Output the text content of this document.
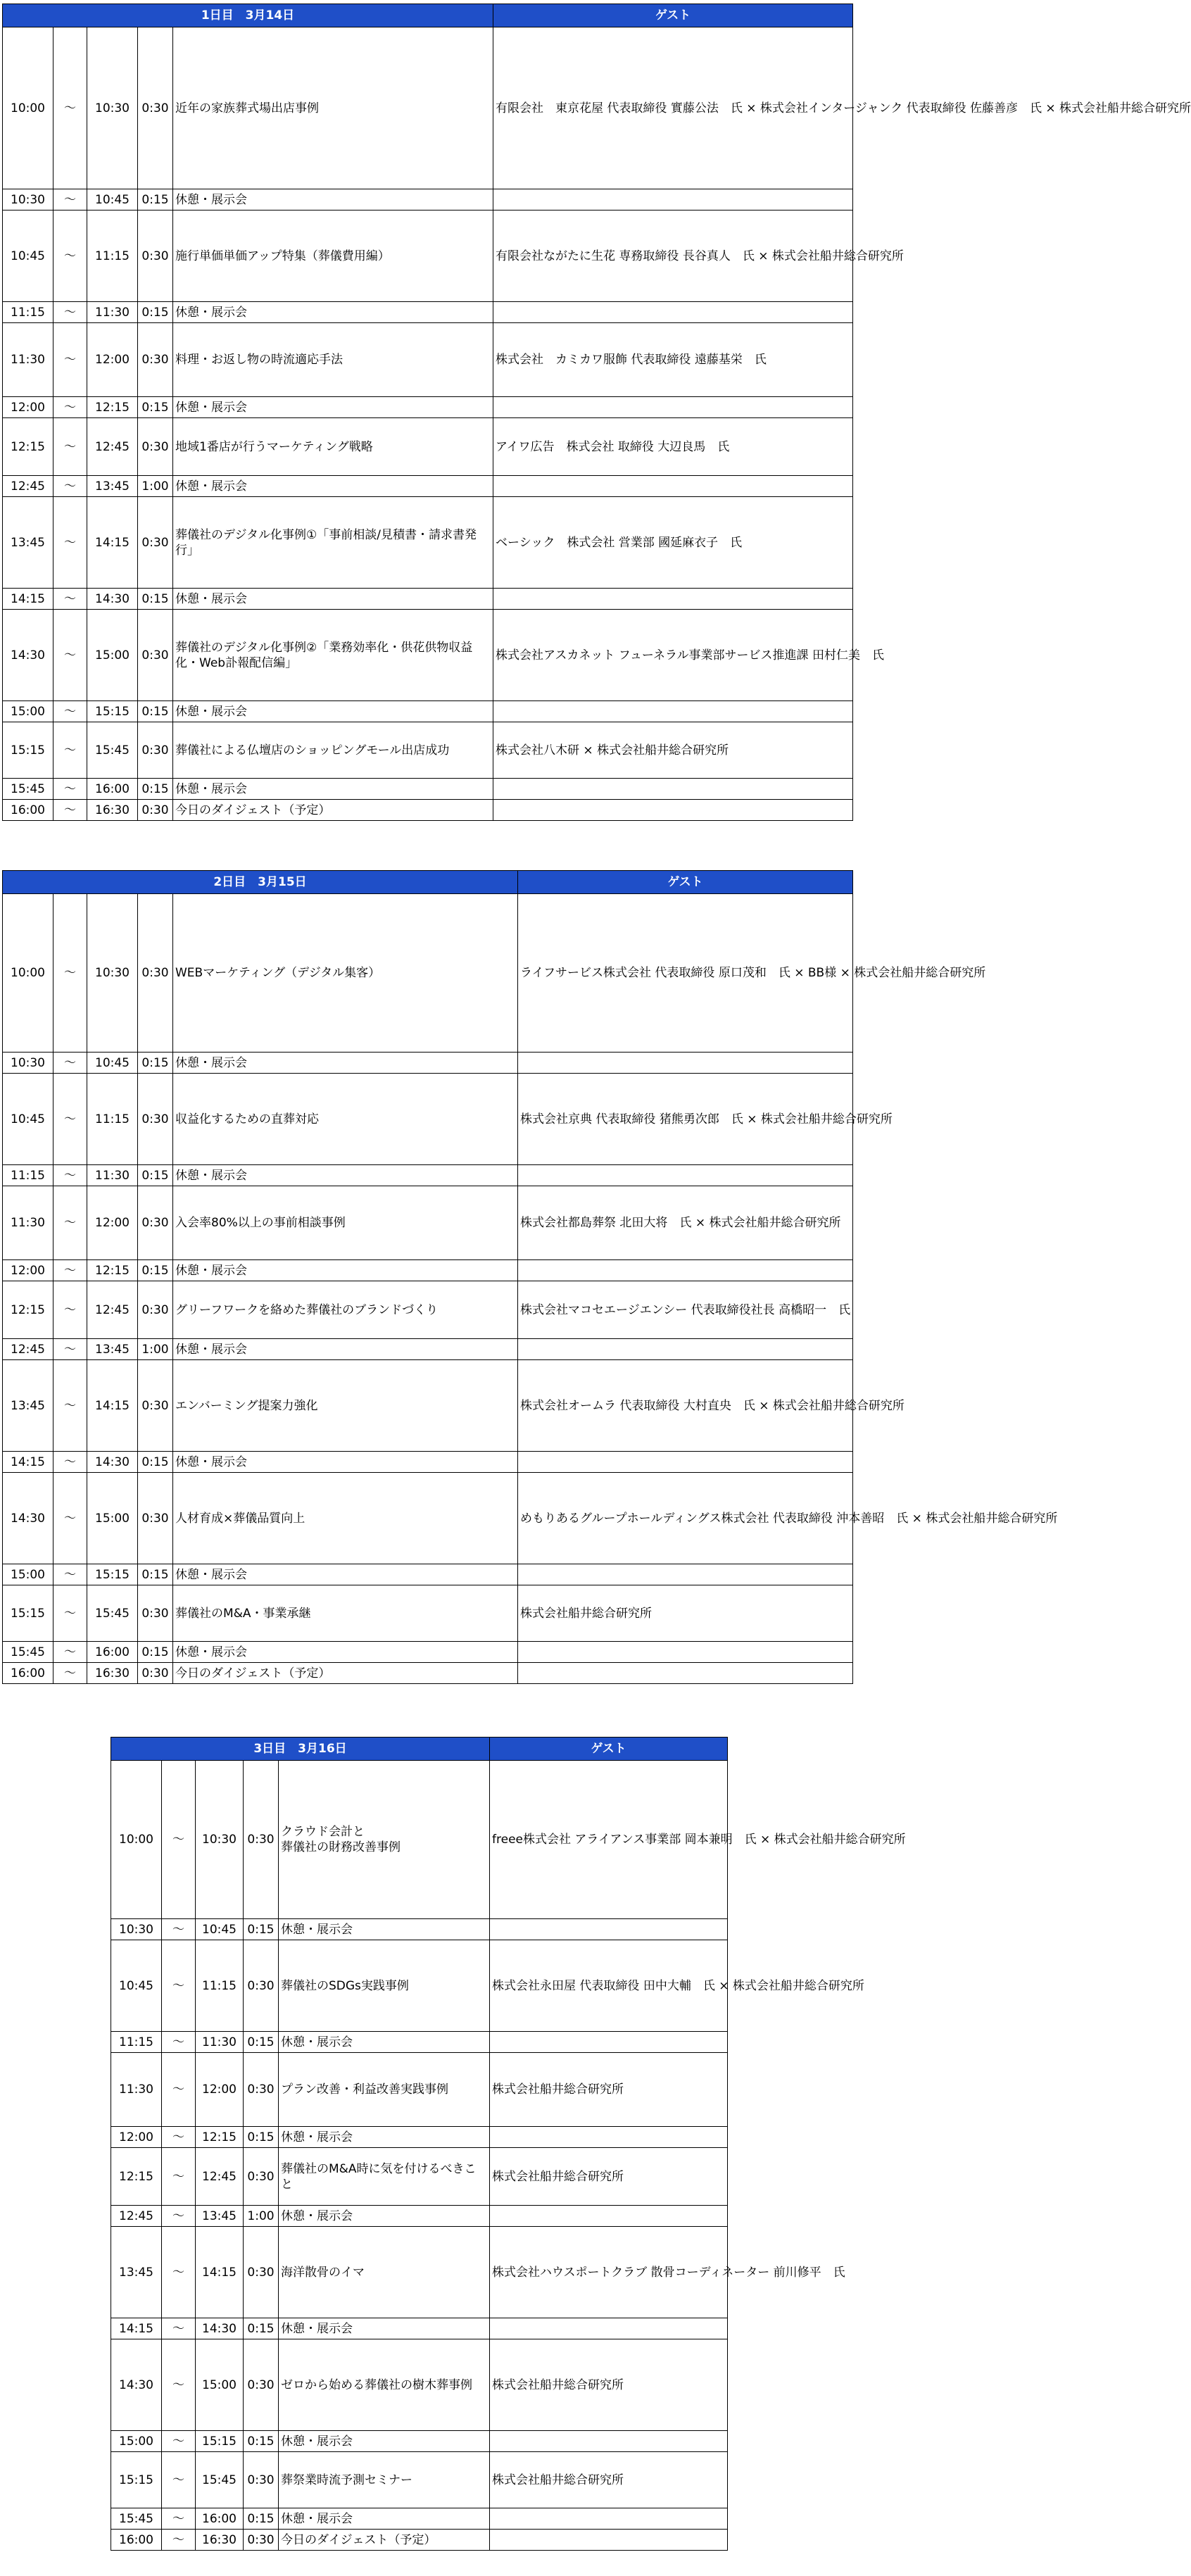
1日目　3月14日					ゲスト
10:00	～	10:30	0:30	近年の家族葬式場出店事例	有限会社　東京花屋 代表取締役 實藤公法　氏 × 株式会社インタージャンク 代表取締役 佐藤善彦　氏 × 株式会社船井総合研究所
10:30	～	10:45	0:15	休憩・展示会	
10:45	～	11:15	0:30	施行単価単価アップ特集（葬儀費用編）	有限会社ながたに生花 専務取締役 長谷真人　氏 × 株式会社船井総合研究所
11:15	～	11:30	0:15	休憩・展示会	
11:30	～	12:00	0:30	料理・お返し物の時流適応手法	株式会社　カミカワ服飾 代表取締役 遠藤基栄　氏
12:00	～	12:15	0:15	休憩・展示会	
12:15	～	12:45	0:30	地域1番店が行うマーケティング戦略	アイワ広告　株式会社 取締役 大辺良馬　氏
12:45	～	13:45	1:00	休憩・展示会	
13:45	～	14:15	0:30	葬儀社のデジタル化事例①「事前相談/見積書・請求書発行」	ベーシック　株式会社 営業部 國延麻衣子　氏
14:15	～	14:30	0:15	休憩・展示会	
14:30	～	15:00	0:30	葬儀社のデジタル化事例②「業務効率化・供花供物収益化・Web訃報配信編」	株式会社アスカネット フューネラル事業部サービス推進課 田村仁美　氏
15:00	～	15:15	0:15	休憩・展示会	
15:15	～	15:45	0:30	葬儀社による仏壇店のショッピングモール出店成功	株式会社八木研 × 株式会社船井総合研究所
15:45	～	16:00	0:15	休憩・展示会	
16:00	～	16:30	0:30	今日のダイジェスト（予定）	
2日目　3月15日					ゲスト
10:00	～	10:30	0:30	WEBマーケティング（デジタル集客）	ライフサービス株式会社 代表取締役 原口茂和　氏 × BB様 × 株式会社船井総合研究所
10:30	～	10:45	0:15	休憩・展示会	
10:45	～	11:15	0:30	収益化するための直葬対応	株式会社京典 代表取締役 猪熊勇次郎　氏 × 株式会社船井総合研究所
11:15	～	11:30	0:15	休憩・展示会	
11:30	～	12:00	0:30	入会率80%以上の事前相談事例	株式会社都島葬祭 北田大将　氏 × 株式会社船井総合研究所
12:00	～	12:15	0:15	休憩・展示会	
12:15	～	12:45	0:30	グリーフワークを絡めた葬儀社のブランドづくり	株式会社マコセエージエンシー 代表取締役社長 高橋昭一　氏
12:45	～	13:45	1:00	休憩・展示会	
13:45	～	14:15	0:30	エンバーミング提案力強化	株式会社オームラ 代表取締役 大村直央　氏 × 株式会社船井総合研究所
14:15	～	14:30	0:15	休憩・展示会	
14:30	～	15:00	0:30	人材育成×葬儀品質向上	めもりあるグループホールディングス株式会社 代表取締役 沖本善昭　氏 × 株式会社船井総合研究所
15:00	～	15:15	0:15	休憩・展示会	
15:15	～	15:45	0:30	葬儀社のM&A・事業承継	株式会社船井総合研究所
15:45	～	16:00	0:15	休憩・展示会	
16:00	～	16:30	0:30	今日のダイジェスト（予定）	
3日目　3月16日					ゲスト
10:00	～	10:30	0:30	クラウド会計と
葬儀社の財務改善事例	freee株式会社 アライアンス事業部 岡本兼明　氏 × 株式会社船井総合研究所
10:30	～	10:45	0:15	休憩・展示会	
10:45	～	11:15	0:30	葬儀社のSDGs実践事例	株式会社永田屋 代表取締役 田中大輔　氏 × 株式会社船井総合研究所
11:15	～	11:30	0:15	休憩・展示会	
11:30	～	12:00	0:30	プラン改善・利益改善実践事例	株式会社船井総合研究所
12:00	～	12:15	0:15	休憩・展示会	
12:15	～	12:45	0:30	葬儀社のM&A時に気を付けるべきこと	株式会社船井総合研究所
12:45	～	13:45	1:00	休憩・展示会	
13:45	～	14:15	0:30	海洋散骨のイマ	株式会社ハウスポートクラブ 散骨コーディネーター 前川修平　氏
14:15	～	14:30	0:15	休憩・展示会	
14:30	～	15:00	0:30	ゼロから始める葬儀社の樹木葬事例	株式会社船井総合研究所
15:00	～	15:15	0:15	休憩・展示会	
15:15	～	15:45	0:30	葬祭業時流予測セミナー	株式会社船井総合研究所
15:45	～	16:00	0:15	休憩・展示会	
16:00	～	16:30	0:30	今日のダイジェスト（予定）	
